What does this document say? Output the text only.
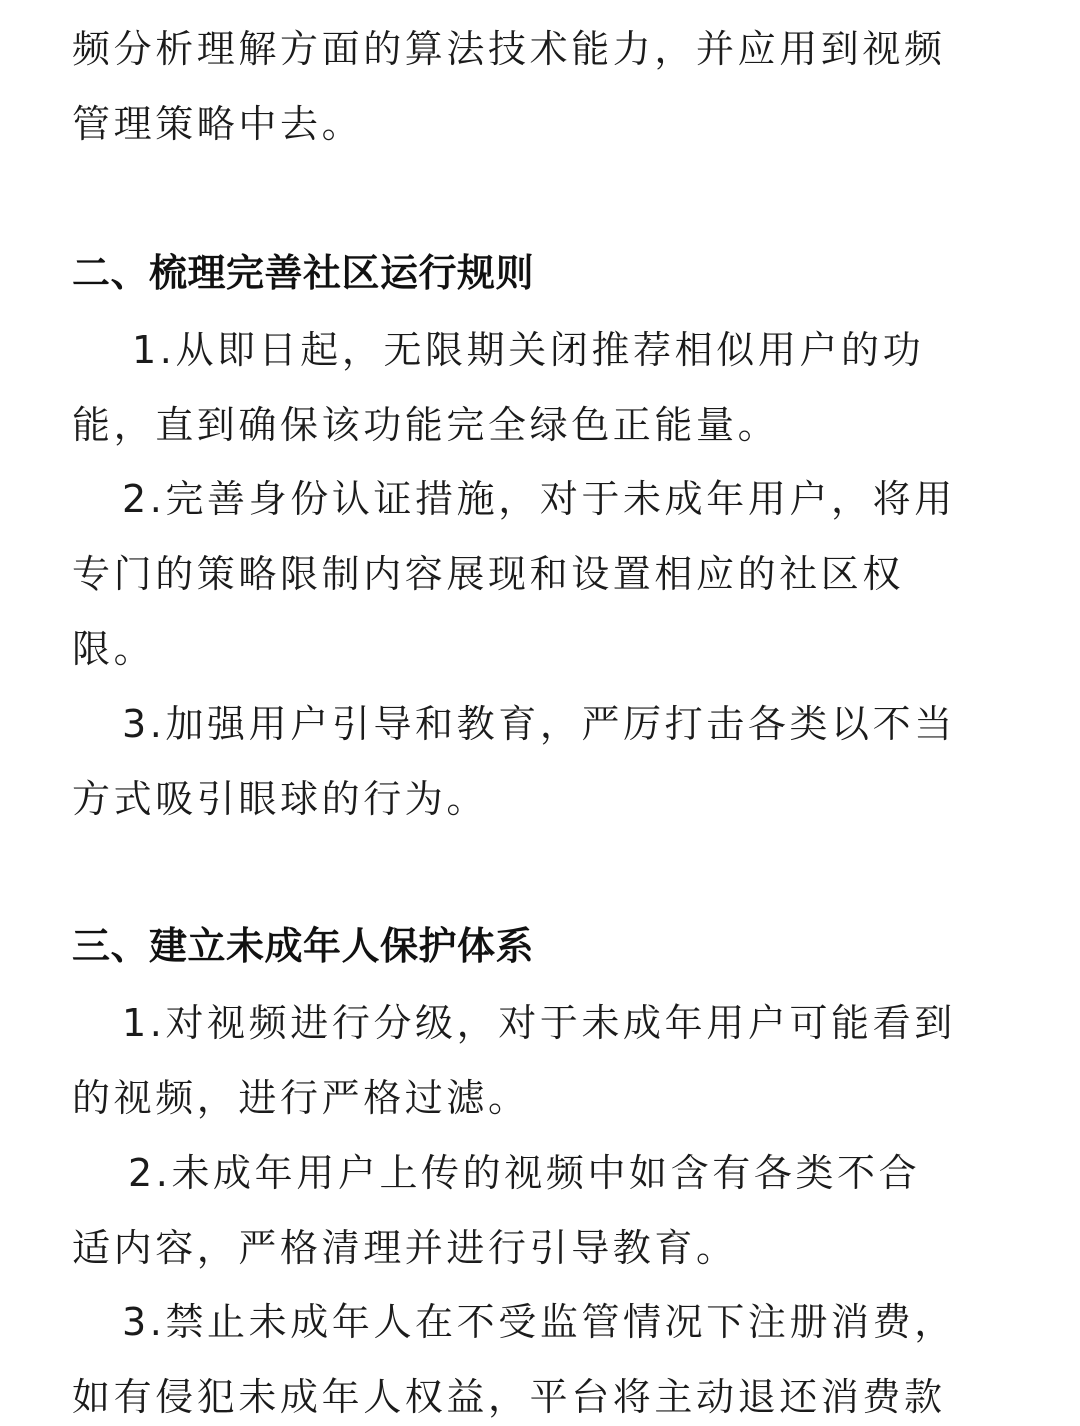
频分析理解方面的算法技术能力，并应用到视频
管理策略中去。
二、梳理完善社区运行规则
1.从即日起，无限期关闭推荐相似用户的功
能，直到确保该功能完全绿色正能量。
2.完善身份认证措施，对于未成年用户，将用
专门的策略限制内容展现和设置相应的社区权
限。
3.加强用户引导和教育，严厉打击各类以不当
方式吸引眼球的行为。
三、建立未成年人保护体系
1.对视频进行分级，对于未成年用户可能看到
的视频，进行严格过滤。
2.未成年用户上传的视频中如含有各类不合
适内容，严格清理并进行引导教育。
3.禁止未成年人在不受监管情况下注册消费，
如有侵犯未成年人权益，平台将主动退还消费款
